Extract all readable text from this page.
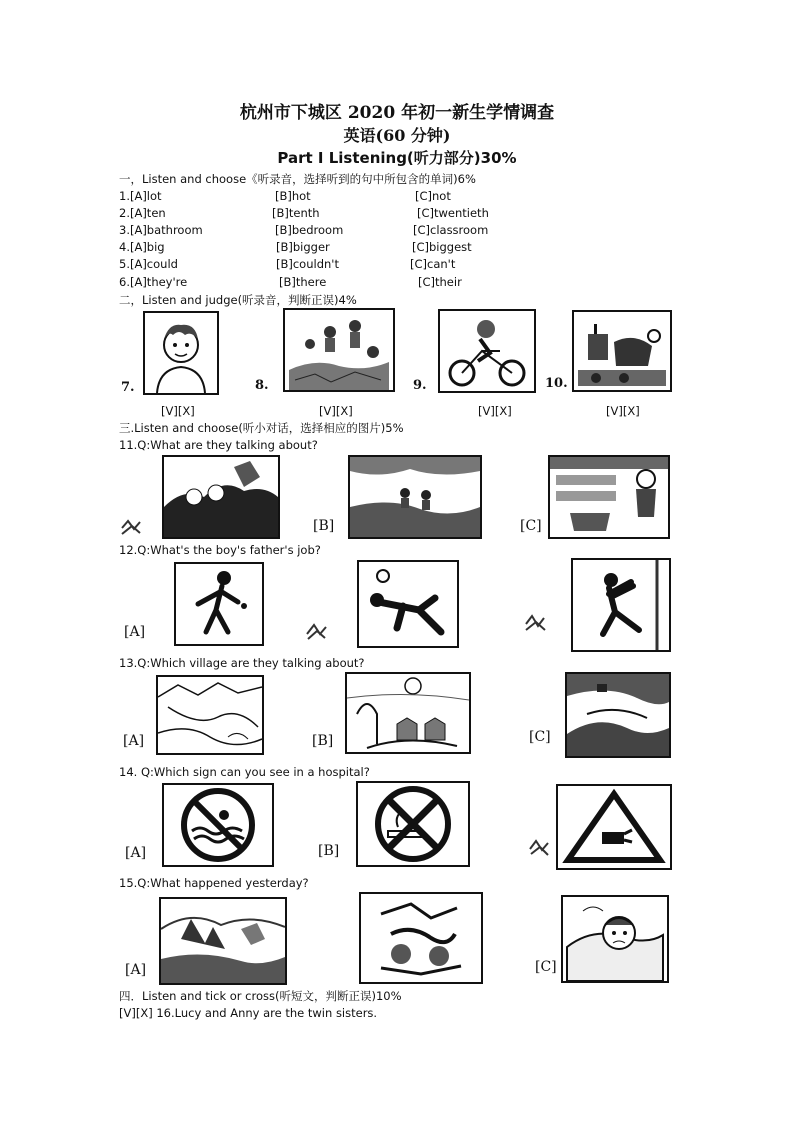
杭州市下城区 2020 年初一新生学情调查
英语(60 分钟)
Part I Listening(听力部分)30%
一，Listen and choose《听录音，选择听到的句中所包含的单词)6%
1.[A]lot	[B]hot	[C]not
2.[A]ten	[B]tenth	[C]twentieth
3.[A]bathroom	[B]bedroom	[C]classroom
4.[A]big	[B]bigger	[C]biggest
5.[A]could	[B]couldn't	[C]can't
6.[A]they're	[B]there	[C]their
二，Listen and judge(听录音，判断正误)4%
7.	8.	9.	10.
[V][X]	[V][X]	[V][X]	[V][X]
三.Listen and choose(听小对话，选择相应的图片)5%
11.Q:What are they talking about?
[B]	[C]
12.Q:What's the boy's father's job?
[A]
13.Q:Which village are they talking about?
[A]	[B]	[C]
14. Q:Which sign can you see in a hospital?
[A]	[B]
15.Q:What happened yesterday?
[A]	[C]
四．Listen and tick or cross(听短文，判断正误)10%
[V][X] 16.Lucy and Anny are the twin sisters.
